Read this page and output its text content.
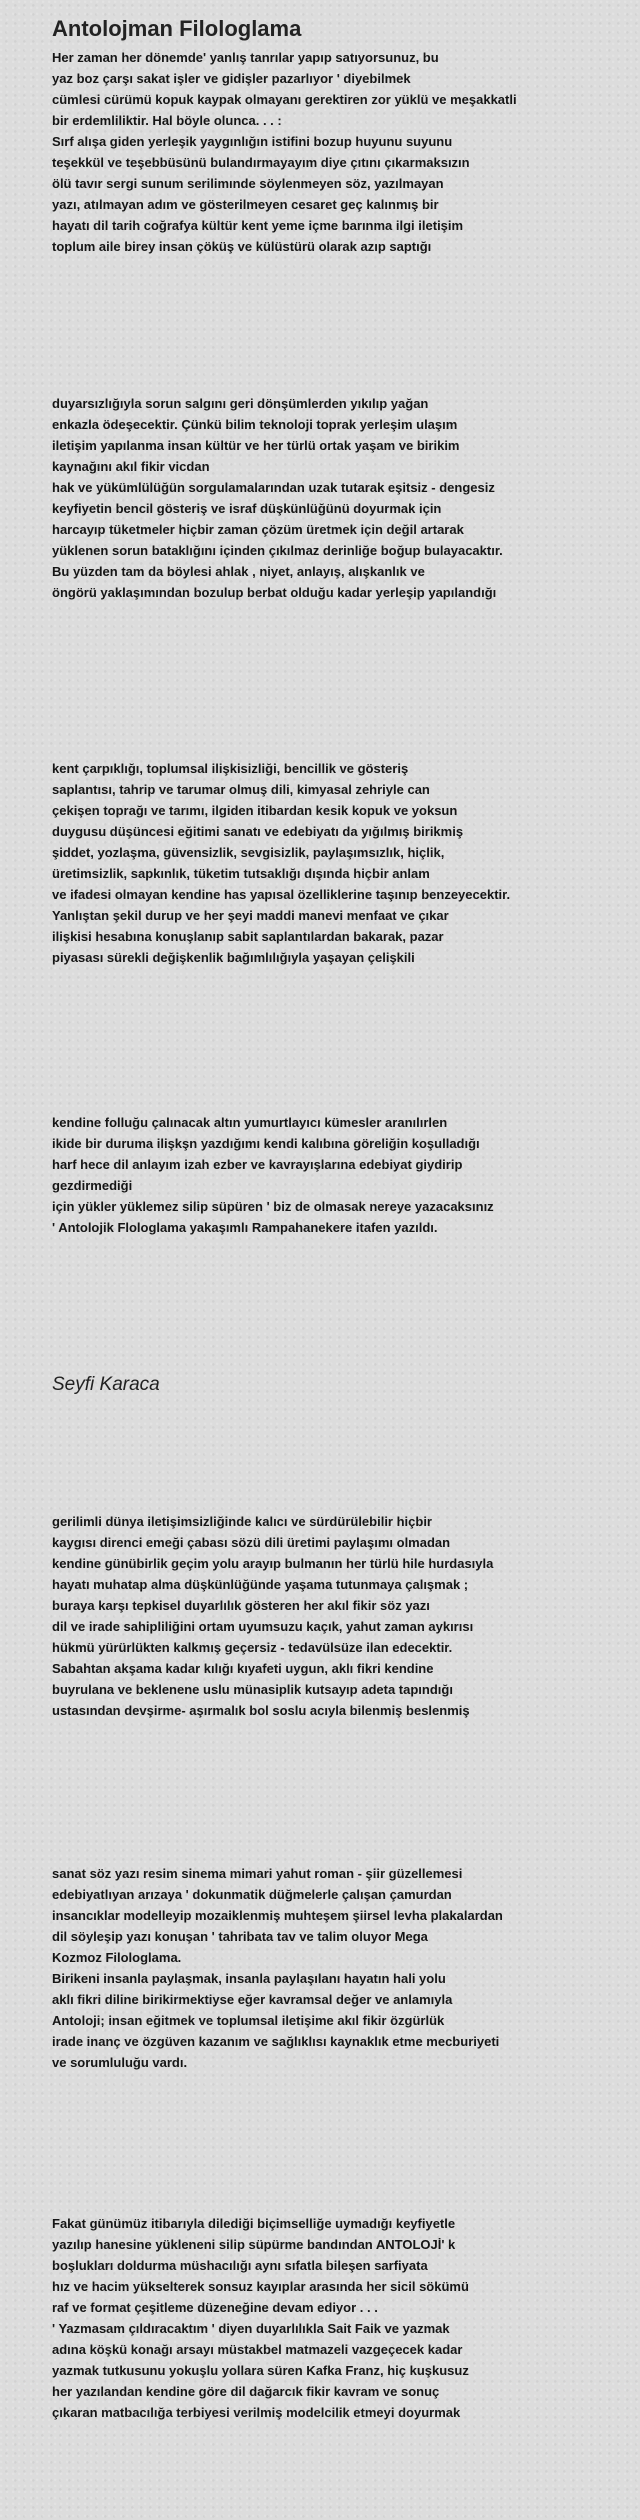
Antolojman Filologlama
Her zaman her dönemde' yanlış tanrılar yapıp satıyorsunuz, bu
yaz boz çarşı sakat işler ve gidişler pazarlıyor ' diyebilmek
cümlesi cürümü kopuk kaypak olmayanı gerektiren zor yüklü ve meşakkatli
bir erdemliliktir. Hal böyle olunca. . . :
Sırf alışa giden yerleşik yaygınlığın istifini bozup huyunu suyunu
teşekkül ve teşebbüsünü bulandırmayayım diye çıtını çıkarmaksızın
ölü tavır sergi sunum serilimınde söylenmeyen söz, yazılmayan
yazı, atılmayan adım ve gösterilmeyen cesaret geç kalınmış bir
hayatı dil tarih coğrafya kültür kent yeme içme barınma ilgi iletişim
toplum aile birey insan çöküş ve külüstürü olarak azıp saptığı
duyarsızlığıyla sorun salgını geri dönşümlerden yıkılıp yağan
enkazla ödeşecektir. Çünkü bilim teknoloji toprak yerleşim ulaşım
iletişim yapılanma insan kültür ve her türlü ortak yaşam ve birikim
kaynağını akıl fikir vicdan
hak ve yükümlülüğün sorgulamalarından uzak tutarak eşitsiz - dengesiz
keyfiyetin bencil gösteriş ve israf düşkünlüğünü doyurmak için
harcayıp tüketmeler hiçbir zaman çözüm üretmek için değil artarak
yüklenen sorun bataklığını içinden çıkılmaz derinliğe boğup bulayacaktır.
Bu yüzden tam da böylesi ahlak , niyet, anlayış, alışkanlık ve
öngörü yaklaşımından bozulup berbat olduğu kadar yerleşip yapılandığı
kent çarpıklığı, toplumsal ilişkisizliği, bencillik ve gösteriş
saplantısı, tahrip ve tarumar olmuş dili, kimyasal zehriyle can
çekişen toprağı ve tarımı, ilgiden itibardan kesik kopuk ve yoksun
duygusu düşüncesi eğitimi sanatı ve edebiyatı da yığılmış birikmiş
şiddet, yozlaşma, güvensizlik, sevgisizlik, paylaşımsızlık, hiçlik,
üretimsizlik, sapkınlık, tüketim tutsaklığı dışında hiçbir anlam
ve ifadesi olmayan kendine has yapısal özelliklerine taşınıp benzeyecektir.
Yanlıştan şekil durup ve her şeyi maddi manevi menfaat ve çıkar
ilişkisi hesabına konuşlanıp sabit saplantılardan bakarak, pazar
piyasası sürekli değişkenlik bağımlılığıyla yaşayan çelişkili
kendine folluğu çalınacak altın yumurtlayıcı kümesler aranılırlen
ikide bir duruma ilişkşn yazdığımı kendi kalıbına göreliğin koşulladığı
harf hece dil anlayım izah ezber ve kavrayışlarına edebiyat giydirip
gezdirmediği
için yükler yüklemez silip süpüren ' biz de olmasak nereye yazacaksınız
' Antolojik Flologlama yakaşımlı Rampahanekere itafen yazıldı.
Seyfi Karaca
gerilimli dünya iletişimsizliğinde kalıcı ve sürdürülebilir hiçbir
kaygısı direnci emeği çabası sözü dili üretimi paylaşımı olmadan
kendine günübirlik geçim yolu arayıp bulmanın her türlü hile hurdasıyla
hayatı muhatap alma düşkünlüğünde yaşama tutunmaya çalışmak ;
buraya karşı tepkisel duyarlılık gösteren her akıl fikir söz yazı
dil ve irade sahipliliğini ortam uyumsuzu kaçık, yahut zaman aykırısı
hükmü yürürlükten kalkmış geçersiz - tedavülsüze ilan edecektir.
Sabahtan akşama kadar kılığı kıyafeti uygun, aklı fikri kendine
buyrulana ve beklenene uslu münasiplik kutsayıp adeta tapındığı
ustasından devşirme- aşırmalık bol soslu acıyla bilenmiş beslenmiş
sanat söz yazı resim sinema mimari yahut roman - şiir güzellemesi
edebiyatlıyan arızaya ' dokunmatik düğmelerle çalışan çamurdan
insancıklar modelleyip mozaiklenmiş muhteşem şiirsel levha plakalardan
dil söyleşip yazı konuşan ' tahribata tav ve talim oluyor Mega
Kozmoz Filologlama.
Birikeni insanla paylaşmak, insanla paylaşılanı hayatın hali yolu
aklı fikri diline birikirmektiyse eğer kavramsal değer ve anlamıyla
Antoloji; insan eğitmek ve toplumsal iletişime akıl fikir özgürlük
irade inanç ve özgüven kazanım ve sağlıklısı kaynaklık etme mecburiyeti
ve sorumluluğu vardı.
Fakat günümüz itibarıyla dilediği biçimselliğe uymadığı keyfiyetle
yazılıp hanesine yükleneni silip süpürme bandından ANTOLOJİ' k
boşlukları doldurma müshacılığı aynı sıfatla bileşen sarfiyata
hız ve hacim yükselterek sonsuz kayıplar arasında her sicil sökümü
raf ve format çeşitleme düzeneğine devam ediyor . . .
' Yazmasam çıldıracaktım ' diyen duyarlılıkla Sait Faik ve yazmak
adına köşkü konağı arsayı müstakbel matmazeli vazgeçecek kadar
yazmak tutkusunu yokuşlu yollara süren Kafka Franz, hiç kuşkusuz
her yazılandan kendine göre dil dağarcık fikir kavram ve sonuç
çıkaran matbacılığa terbiyesi verilmiş modelcilik etmeyi doyurmak
